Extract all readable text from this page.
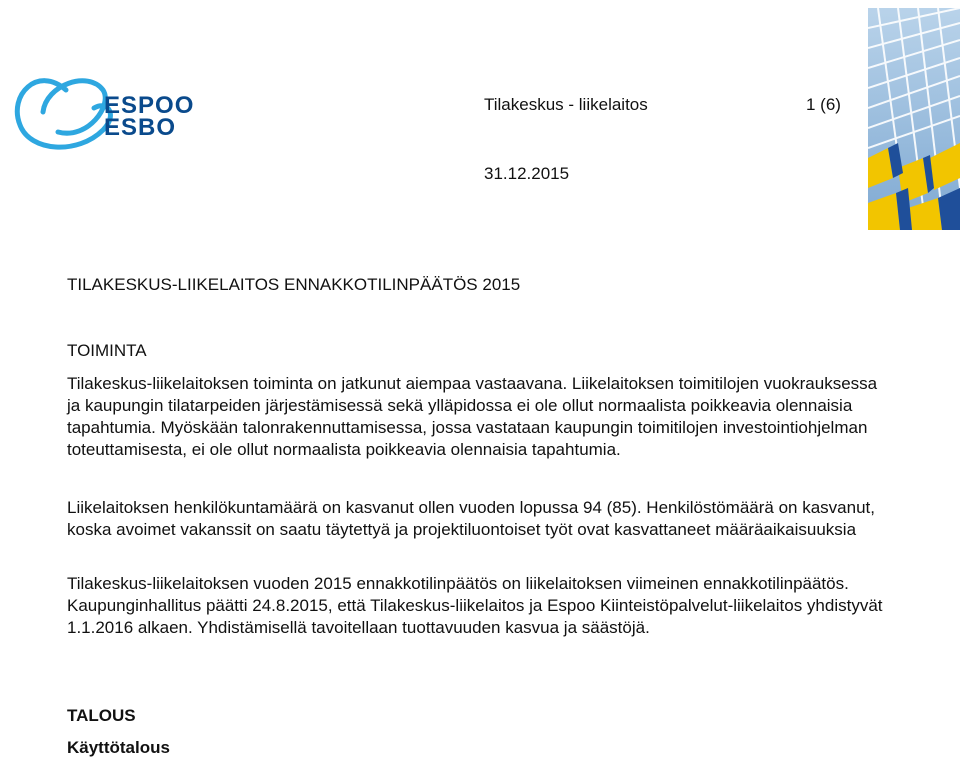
ESPOO
ESBO
Tilakeskus - liikelaitos	1 (6)
31.12.2015
TILAKESKUS-LIIKELAITOS ENNAKKOTILINPÄÄTÖS 2015
TOIMINTA
Tilakeskus-liikelaitoksen toiminta on jatkunut aiempaa vastaavana. Liikelaitoksen toimitilojen vuokrauksessa ja kaupungin tilatarpeiden järjestämisessä sekä ylläpidossa ei ole ollut normaalista poikkeavia olennaisia tapahtumia. Myöskään talonrakennuttamisessa, jossa vastataan kaupungin toimitilojen investointiohjelman toteuttamisesta, ei ole ollut normaalista poikkeavia olennaisia tapahtumia.
Liikelaitoksen henkilökuntamäärä on kasvanut ollen vuoden lopussa 94 (85). Henkilöstömäärä on kasvanut, koska avoimet vakanssit on saatu täytettyä ja projektiluontoiset työt ovat kasvattaneet määräaikaisuuksia
Tilakeskus-liikelaitoksen vuoden 2015 ennakkotilinpäätös on liikelaitoksen viimeinen ennakkotilinpäätös. Kaupunginhallitus päätti 24.8.2015, että Tilakeskus-liikelaitos ja Espoo Kiinteistöpalvelut-liikelaitos yhdistyvät 1.1.2016 alkaen. Yhdistämisellä tavoitellaan tuottavuuden kasvua ja säästöjä.
TALOUS
Käyttötalous
